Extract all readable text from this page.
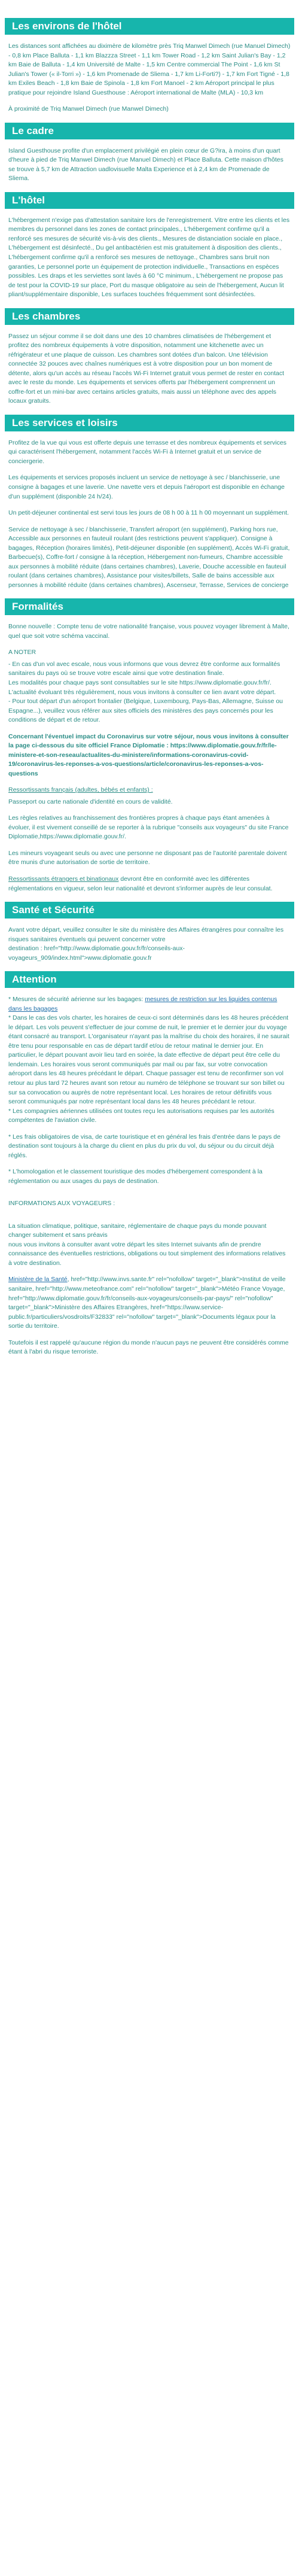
Les environs de l'hôtel

Les distances sont affichées au diximère de kilomètre près Triq Manwel Dimech (rue Manuel Dimech) - 0,8 km Place Balluta - 1,1 km Blazzza Street - 1,1 km Tower Road - 1,2 km Saint Julian's Bay - 1,2 km Baie de Balluta - 1,4 km Université de Malte - 1,5 km Centre commercial The Point - 1,6 km St Julian's Tower (« il-Torri ») - 1,6 km Promenade de Sliema - 1,7 km Li-Forti?) - 1,7 km Fort Tigné - 1,8 km Exiles Beach - 1,8 km Baie de Spinola - 1,8 km Fort Manoel - 2 km Aéroport principal le plus pratique pour rejoindre Island Guesthouse : Aéroport international de Malte (MLA) - 10,3 km

À proximité de Triq Manwel Dimech (rue Manwel Dimech)

Le cadre

Island Guesthouse profite d'un emplacement privilégié en plein cœur de G?ira, à moins d'un quart d'heure à pied de Triq Manwel Dimech (rue Manuel Dimech) et Place Balluta. Cette maison d'hôtes se trouve à 5,7 km de Attraction uadlovisuelle Malta Experience et à 2,4 km de Promenade de Sliema.

L'hôtel

L'hébergement n'exige pas d'attestation sanitaire lors de l'enregistrement. Vitre entre les clients et les membres du personnel dans les zones de contact principales., L'hébergement confirme qu'il a renforcé ses mesures de sécurité vis-à-vis des clients., Mesures de distanciation sociale en place., L'hébergement est désinfecté., Du gel antibactérien est mis gratuitement à disposition des clients., L'hébergement confirme qu'il a renforcé ses mesures de nettoyage., Chambres sans bruit non garanties, Le personnel porte un équipement de protection individuelle., Transactions en espèces possibles. Les draps et les serviettes sont lavés à 60 °C minimum., L'hébergement ne propose pas de test pour la COVID-19 sur place, Port du masque obligatoire au sein de l'hébergement, Aucun lit pliant/supplémentaire disponible, Les surfaces touchées fréquemment sont désinfectées.

Les chambres

Passez un séjour comme il se doit dans une des 10 chambres climatisées de l'hébergement et profitez des nombreux équipements à votre disposition, notamment une kitchenette avec un réfrigérateur et une plaque de cuisson. Les chambres sont dotées d'un balcon. Une télévision connectée 32 pouces avec chaînes numériques est à votre disposition pour un bon moment de détente, alors qu'un accès au réseau l'accès Wi-Fi Internet gratuit vous permet de rester en contact avec le reste du monde. Les équipements et services offerts par l'hébergement comprennent un coffre-fort et un mini-bar avec certains articles gratuits, mais aussi un téléphone avec des appels locaux gratuits.

Les services et loisirs

Profitez de la vue qui vous est offerte depuis une terrasse et des nombreux équipements et services qui caractérisent l'hébergement, notamment l'accès Wi-Fi à Internet gratuit et un service de conciergerie.

Les équipements et services proposés incluent un service de nettoyage à sec / blanchisserie, une consigne à bagages et une laverie. Une navette vers et depuis l'aéroport est disponible en échange d'un supplément (disponible 24 h/24).

Un petit-déjeuner continental est servi tous les jours de 08 h 00 à 11 h 00 moyennant un supplément.

Service de nettoyage à sec / blanchisserie, Transfert aéroport (en supplément), Parking hors rue, Accessible aux personnes en fauteuil roulant (des restrictions peuvent s'appliquer). Consigne à bagages, Réception (horaires limités), Petit-déjeuner disponible (en supplément), Accès Wi-Fi gratuit, Barbecue(s), Coffre-fort / consigne à la réception, Hébergement non-fumeurs, Chambre accessible aux personnes à mobilité réduite (dans certaines chambres), Laverie, Douche accessible en fauteuil roulant (dans certaines chambres), Assistance pour visites/billets, Salle de bains accessible aux personnes à mobilité réduite (dans certaines chambres), Ascenseur, Terrasse, Services de concierge

Formalités

Bonne nouvelle : Compte tenu de votre nationalité française, vous pouvez voyager librement à Malte, quel que soit votre schéma vaccinal.

A NOTER

- En cas d'un vol avec escale, nous vous informons que vous devrez être conforme aux formalités sanitaires du pays où se trouve votre escale ainsi que votre destination finale.
Les modalités pour chaque pays sont consultables sur le site https://www.diplomatie.gouv.fr/fr/. L'actualité évoluant très régulièrement, nous vous invitons à consulter ce lien avant votre départ.
- Pour tout départ d'un aéroport frontalier (Belgique, Luxembourg, Pays-Bas, Allemagne, Suisse ou Espagne...), veuillez vous référer aux sites officiels des ministères des pays concernés pour les conditions de départ et de retour.

Concernant l'éventuel impact du Coronavirus sur votre séjour, nous vous invitons à consulter la page ci-dessous du site officiel France Diplomatie : https://www.diplomatie.gouv.fr/fr/le-ministere-et-son-reseau/actualites-du-ministere/informations-coronavirus-covid-19/coronavirus-les-reponses-a-vos-questions/article/coronavirus-les-reponses-a-vos-questions

Ressortissants français (adultes, bébés et enfants) :

Passeport ou carte nationale d'identité en cours de validité.

Les règles relatives au franchissement des frontières propres à chaque pays étant amenées à évoluer, il est vivement conseillé de se reporter à la rubrique "conseils aux voyageurs" du site France Diplomatie,https://www.diplomatie.gouv.fr/.

Les mineurs voyageant seuls ou avec une personne ne disposant pas de l'autorité parentale doivent être munis d'une autorisation de sortie de territoire.

Ressortissants étrangers et binationaux devront être en conformité avec les différentes réglementations en vigueur, selon leur nationalité et devront s'informer auprès de leur consulat.

Santé et Sécurité

Avant votre départ, veuillez consulter le site du ministère des Affaires étrangères pour connaître les risques sanitaires éventuels qui peuvent concerner votre
destination : href="http://www.diplomatie.gouv.fr/fr/conseils-aux-voyageurs_909/index.html">www.diplomatie.gouv.fr

Attention

* Mesures de sécurité aérienne sur les bagages: mesures de restriction sur les liquides contenus dans les bagages
* Dans le cas des vols charter, les horaires de ceux-ci sont déterminés dans les 48 heures précédent le départ. Les vols peuvent s'effectuer de jour comme de nuit, le premier et le dernier jour du voyage étant consacré au transport. L'organisateur n'ayant pas la maîtrise du choix des horaires, il ne saurait être tenu pour responsable en cas de départ tardif et/ou de retour matinal le dernier jour. En particulier, le départ pouvant avoir lieu tard en soirée, la date effective de départ peut être celle du lendemain. Les horaires vous seront communiqués par mail ou par fax, sur votre convocation aéroport dans les 48 heures précédant le départ. Chaque passager est tenu de reconfirmer son vol retour au plus tard 72 heures avant son retour au numéro de téléphone se trouvant sur son billet ou sur sa convocation ou auprès de notre représentant local. Les horaires de retour définitifs vous seront communiqués par notre représentant local dans les 48 heures précédant le retour.
* Les compagnies aériennes utilisées ont toutes reçu les autorisations requises par les autorités compétentes de l'aviation civile.

* Les frais obligatoires de visa, de carte touristique et en général les frais d'entrée dans le pays de destination sont toujours à la charge du client en plus du prix du vol, du séjour ou du circuit déjà réglés.

* L'homologation et le classement touristique des modes d'hébergement correspondent à la réglementation ou aux usages du pays de destination.

INFORMATIONS AUX VOYAGEURS :

La situation climatique, politique, sanitaire, réglementaire de chaque pays du monde pouvant changer subitement et sans préavis
nous vous invitons à consulter avant votre départ les sites Internet suivants afin de prendre connaissance des éventuelles restrictions, obligations ou tout simplement des informations relatives à votre destination.

Ministère de la Santé, href="http://www.invs.sante.fr" rel="nofollow" target="_blank">Institut de veille sanitaire, href="http://www.meteofrance.com" rel="nofollow" target="_blank">Météo France Voyage, href="http://www.diplomatie.gouv.fr/fr/conseils-aux-voyageurs/conseils-par-pays/" rel="nofollow" target="_blank">Ministère des Affaires Etrangères, href="https://www.service-public.fr/particuliers/vosdroits/F32833" rel="nofollow" target="_blank">Documents légaux pour la sortie du territoire.

Toutefois il est rappelé qu'aucune région du monde n'aucun pays ne peuvent être considérés comme étant à l'abri du risque terroriste.
